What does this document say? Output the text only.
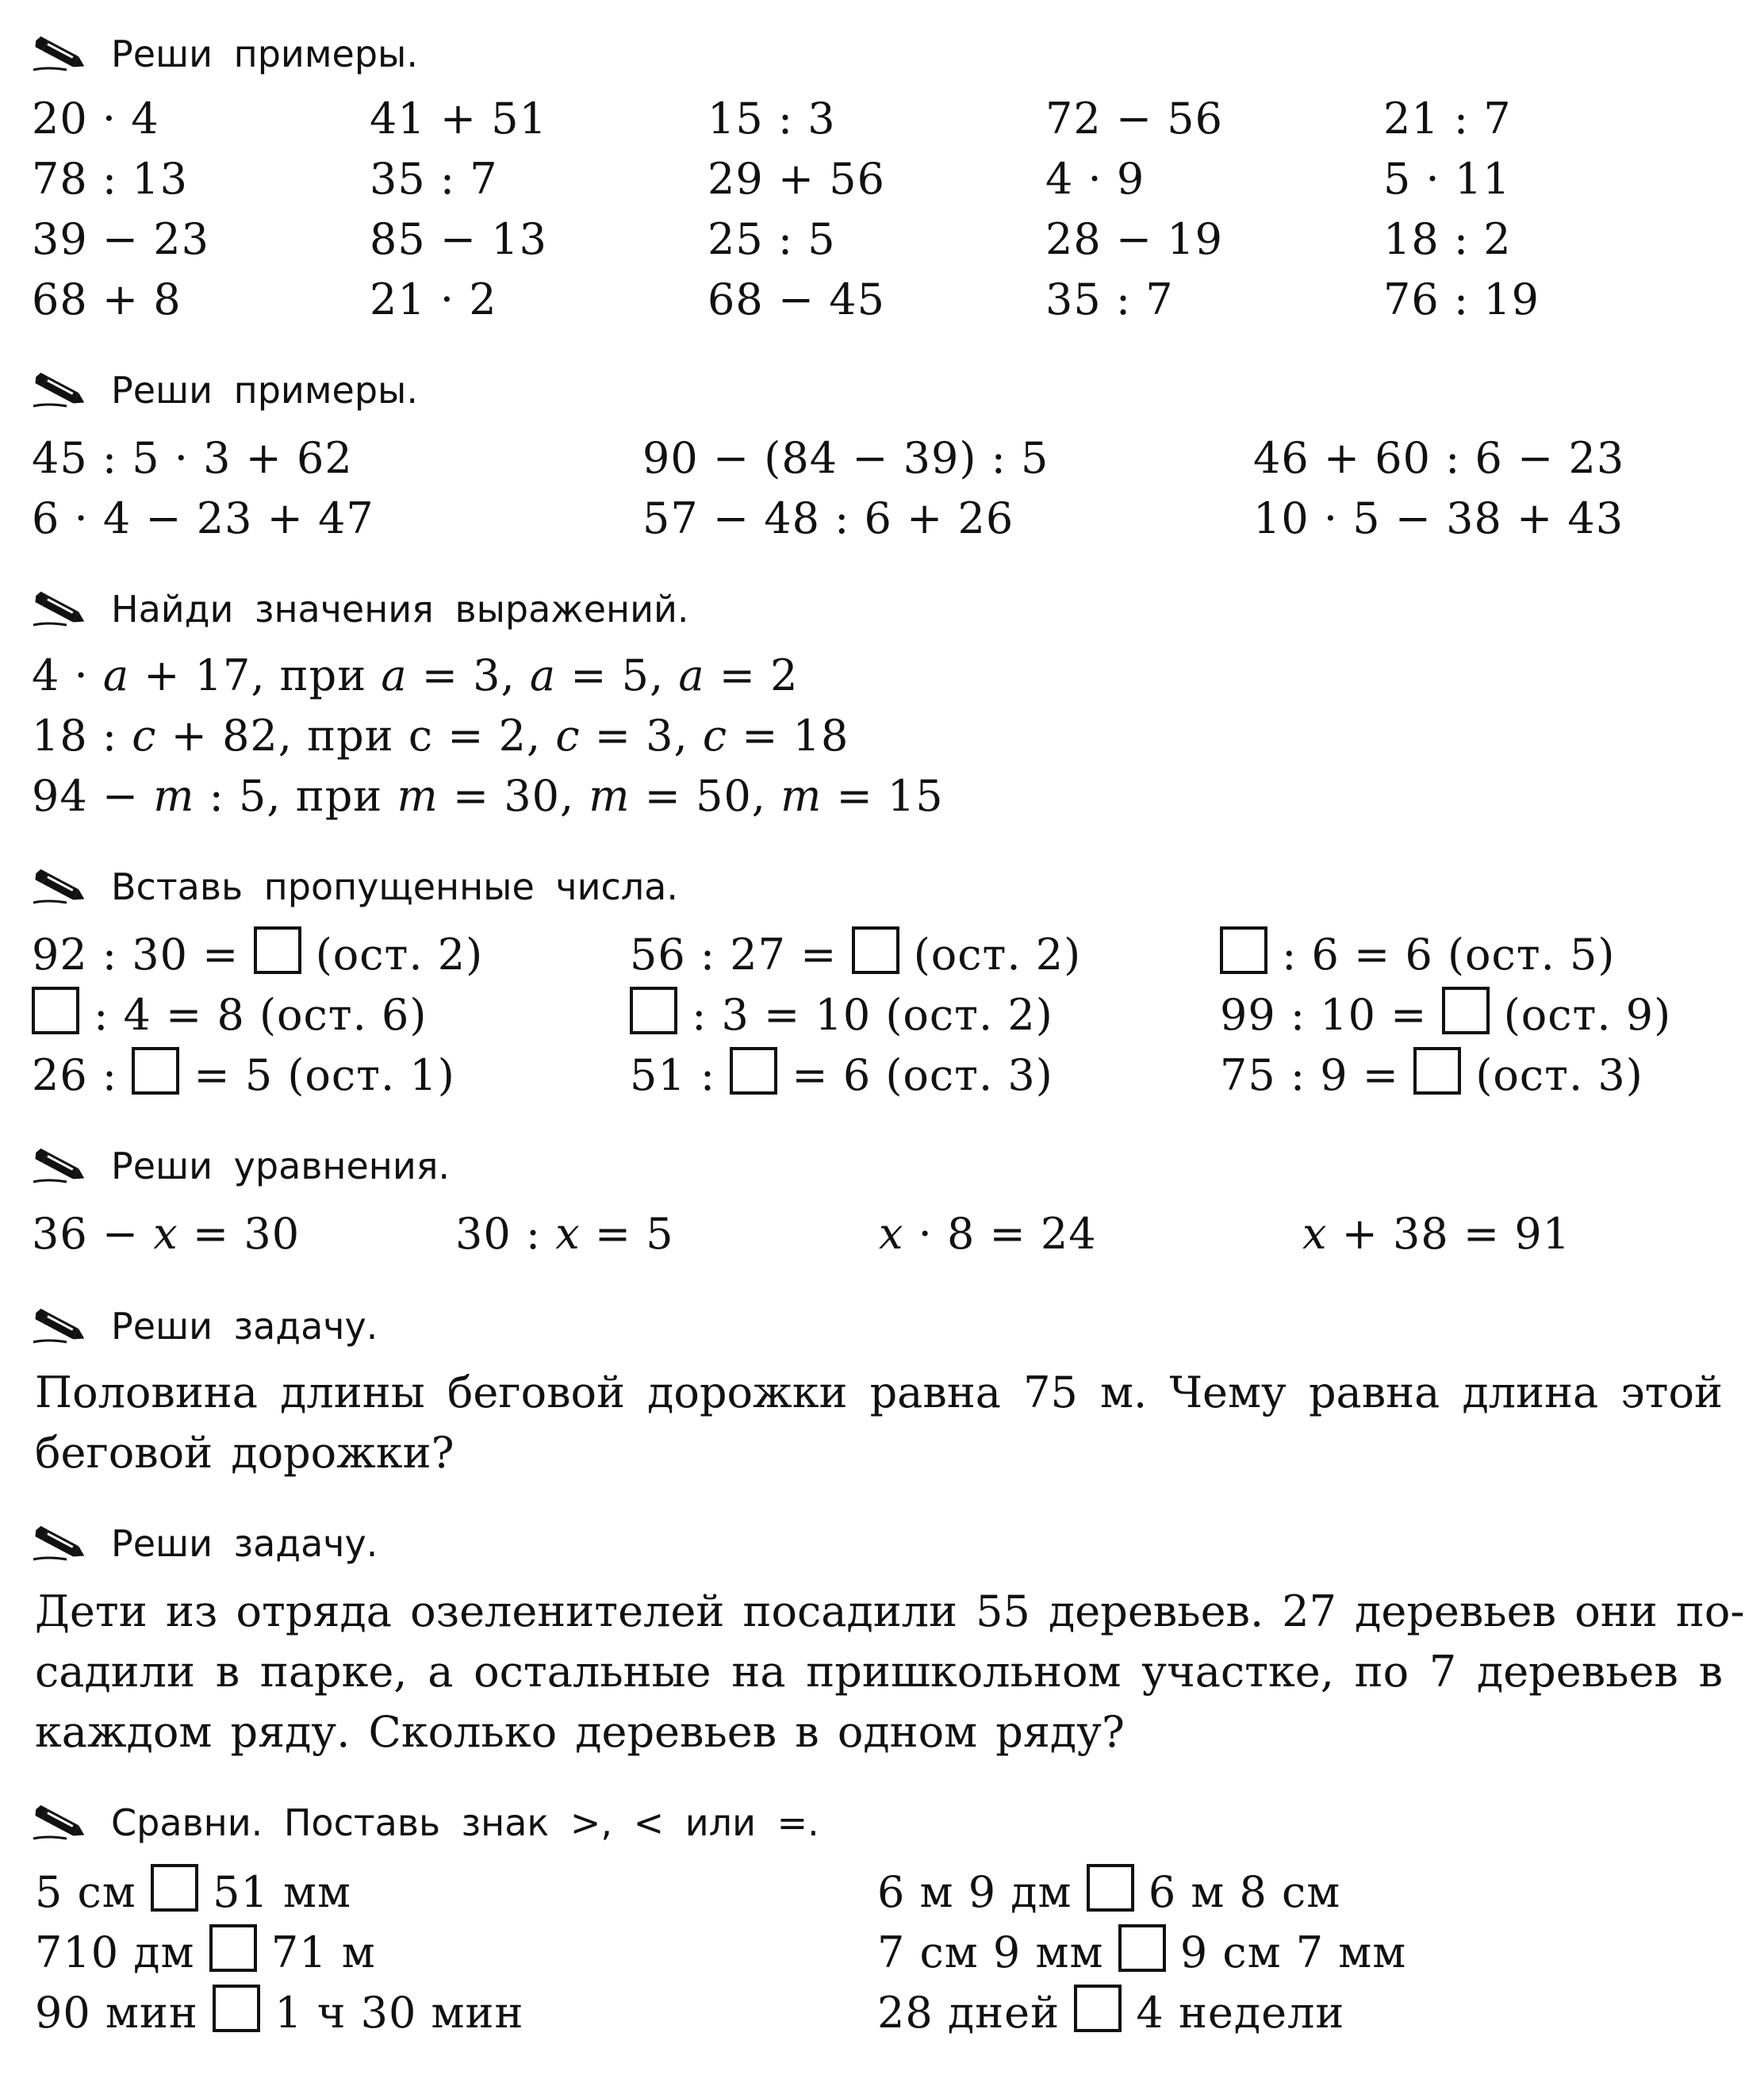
Реши примеры.
20 · 4	41 + 51	15 : 3	72 − 56	21 : 7
78 : 13	35 : 7	29 + 56	4 · 9	5 · 11
39 − 23	85 − 13	25 : 5	28 − 19	18 : 2
68 + 8	21 · 2	68 − 45	35 : 7	76 : 19
Реши примеры.
45 : 5 · 3 + 62	90 − (84 − 39) : 5	46 + 60 : 6 − 23
6 · 4 − 23 + 47	57 − 48 : 6 + 26	10 · 5 − 38 + 43
Найди значения выражений.
4 · a + 17, при a = 3, a = 5, a = 2
18 : c + 82, при c = 2, c = 3, c = 18
94 − m : 5, при m = 30, m = 50, m = 15
Вставь пропущенные числа.
92 : 30 =  (ост. 2)	56 : 27 =  (ост. 2)	: 6 = 6 (ост. 5)
: 4 = 8 (ост. 6)	: 3 = 10 (ост. 2)	99 : 10 =  (ост. 9)
26 :  = 5 (ост. 1)	51 :  = 6 (ост. 3)	75 : 9 =  (ост. 3)
Реши уравнения.
36 − x = 30	30 : x = 5	x · 8 = 24	x + 38 = 91
Реши задачу.
Половина длины беговой дорожки равна 75 м. Чему равна длина этой
беговой дорожки?
Реши задачу.
Дети из отряда озеленителей посадили 55 деревьев. 27 деревьев они по-
садили в парке, а остальные на пришкольном участке, по 7 деревьев в
каждом ряду. Сколько деревьев в одном ряду?
Сравни. Поставь знак >, < или =.
5 см 51 мм	6 м 9 дм 6 м 8 см
710 дм 71 м	7 см 9 мм 9 см 7 мм
90 мин 1 ч 30 мин	28 дней 4 недели
